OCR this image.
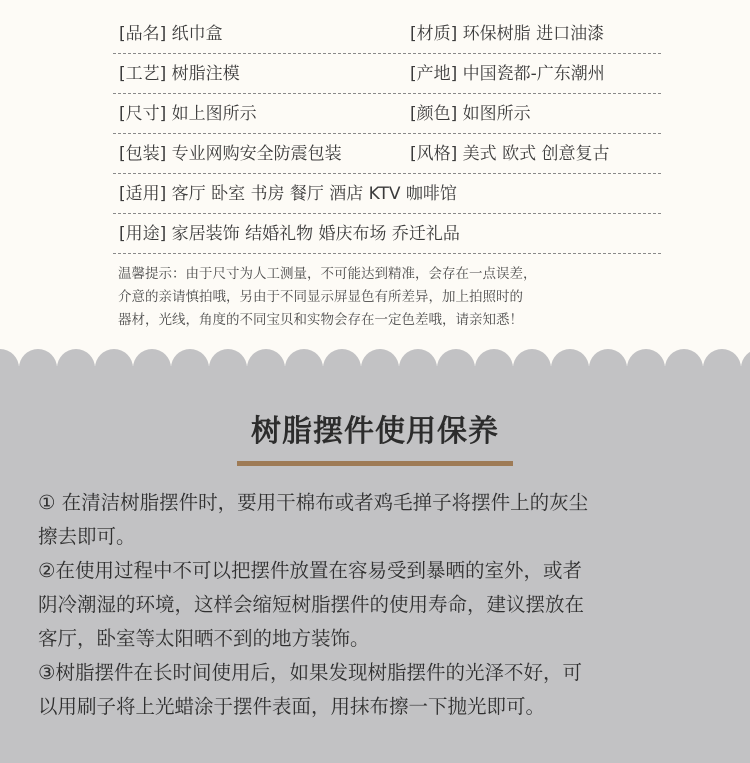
[品名] 纸巾盒	[材质] 环保树脂 进口油漆
[工艺] 树脂注模	[产地] 中国瓷都-广东潮州
[尺寸] 如上图所示	[颜色] 如图所示
[包装] 专业网购安全防震包装	[风格] 美式 欧式 创意复古
[适用] 客厅 卧室 书房 餐厅 酒店 KTV 咖啡馆
[用途] 家居装饰 结婚礼物 婚庆布场 乔迁礼品

温馨提示：由于尺寸为人工测量，不可能达到精准，会存在一点误差，

介意的亲请慎拍哦，另由于不同显示屏显色有所差异，加上拍照时的

器材，光线，角度的不同宝贝和实物会存在一定色差哦，请亲知悉！

树脂摆件使用保养

① 在清洁树脂摆件时，要用干棉布或者鸡毛掸子将摆件上的灰尘

擦去即可。

②在使用过程中不可以把摆件放置在容易受到暴晒的室外，或者

阴冷潮湿的环境，这样会缩短树脂摆件的使用寿命，建议摆放在

客厅，卧室等太阳晒不到的地方装饰。

③树脂摆件在长时间使用后，如果发现树脂摆件的光泽不好，可

以用刷子将上光蜡涂于摆件表面，用抹布擦一下抛光即可。
